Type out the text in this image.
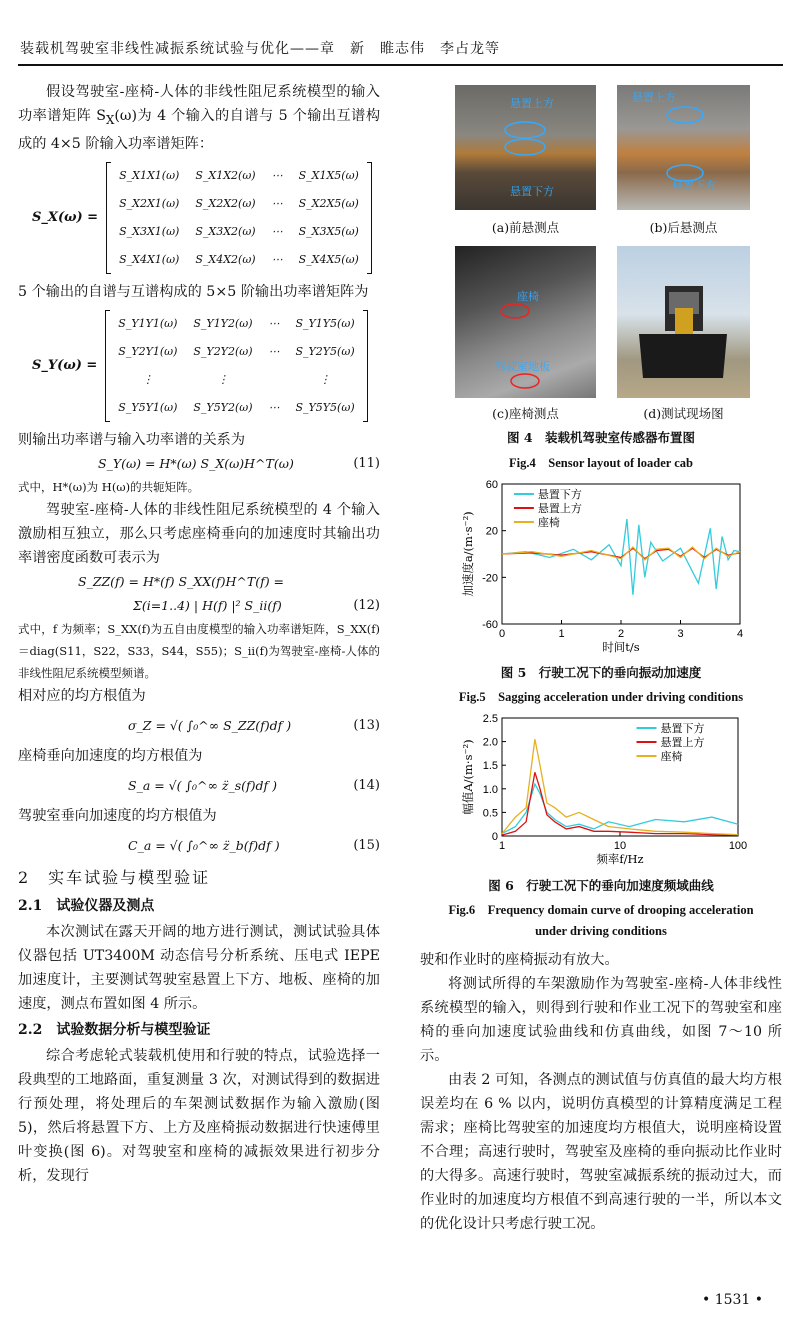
装载机驾驶室非线性减振系统试验与优化——章　新　睢志伟　李占龙等

假设驾驶室-座椅-人体的非线性阻尼系统模型的输入功率谱矩阵 $S_X(\omega)$为 4 个输入的自谱与 5 个输出互谱构成的 4×5 阶输入功率谱矩阵：

S_X(ω) =
S_X1X1(ω)	S_X1X2(ω)	⋯	S_X1X5(ω)
S_X2X1(ω)	S_X2X2(ω)	⋯	S_X2X5(ω)
S_X3X1(ω)	S_X3X2(ω)	⋯	S_X3X5(ω)
S_X4X1(ω)	S_X4X2(ω)	⋯	S_X4X5(ω)

5 个输出的自谱与互谱构成的 5×5 阶输出功率谱矩阵为

S_Y(ω) =
S_Y1Y1(ω)	S_Y1Y2(ω)	⋯	S_Y1Y5(ω)
S_Y2Y1(ω)	S_Y2Y2(ω)	⋯	S_Y2Y5(ω)
⋮	⋮		⋮
S_Y5Y1(ω)	S_Y5Y2(ω)	⋯	S_Y5Y5(ω)

则输出功率谱与输入功率谱的关系为

S_Y(ω) = H*(ω) S_X(ω)H^T(ω)	(11)

式中，H*(ω)为 H(ω)的共轭矩阵。

驾驶室-座椅-人体的非线性阻尼系统模型的 4 个输入激励相互独立，那么只考虑座椅垂向的加速度时其输出功率谱密度函数可表示为

S_ZZ(f) = H*(f) S_XX(f)H^T(f) =
Σ(i=1..4) | H(f) |² S_ii(f)	(12)

式中，f 为频率；S_XX(f)为五自由度模型的输入功率谱矩阵，S_XX(f)＝diag(S11，S22，S33，S44，S55)；S_ii(f)为驾驶室-座椅-人体的非线性阻尼系统模型频谱。

相对应的均方根值为

σ_Z = √( ∫₀^∞ S_ZZ(f)df )	(13)

座椅垂向加速度的均方根值为

S_a = √( ∫₀^∞ z̈_s(f)df )	(14)

驾驶室垂向加速度的均方根值为

C_a = √( ∫₀^∞ z̈_b(f)df )	(15)
2　实车试验与模型验证
2.1　试验仪器及测点

本次测试在露天开阔的地方进行测试，测试试验具体仪器包括 UT3400M 动态信号分析系统、压电式 IEPE 加速度计，主要测试驾驶室悬置上下方、地板、座椅的加速度，测点布置如图 4 所示。

2.2　试验数据分析与模型验证

综合考虑轮式装载机使用和行驶的特点，试验选择一段典型的工地路面，重复测量 3 次，对测试得到的数据进行预处理，将处理后的车架测试数据作为输入激励(图 5)，然后将悬置下方、上方及座椅振动数据进行快速傅里叶变换(图 6)。对驾驶室和座椅的减振效果进行初步分析，发现行

悬置上方
悬置下方
悬置上方
悬置下方
(a)前悬测点	(b)后悬测点
座椅
驾驶室地板
(c)座椅测点	(d)测试现场图
图 4　装载机驾驶室传感器布置图
Fig.4　Sensor layout of loader cab
0	1	2	3	4
60
20
-20
-60
时间t/s
加速度a/(m·s⁻²)
悬置下方
悬置上方
座椅
图 5　行驶工况下的垂向振动加速度
Fig.5　Sagging acceleration under driving conditions
1	10	100
2.5
2.0
1.5
1.0
0.5
0
频率f/Hz
幅值A/(m·s⁻²)
悬置下方
悬置上方
座椅
图 6　行驶工况下的垂向加速度频域曲线
Fig.6　Frequency domain curve of drooping acceleration
under driving conditions

驶和作业时的座椅振动有放大。

将测试所得的车架激励作为驾驶室-座椅-人体非线性系统模型的输入，则得到行驶和作业工况下的驾驶室和座椅的垂向加速度试验曲线和仿真曲线，如图 7～10 所示。

由表 2 可知，各测点的测试值与仿真值的最大均方根误差均在 6 % 以内，说明仿真模型的计算精度满足工程需求；座椅比驾驶室的加速度均方根值大，说明座椅设置不合理；高速行驶时，驾驶室及座椅的垂向振动比作业时的大得多。高速行驶时，驾驶室减振系统的振动过大，而作业时的加速度均方根值不到高速行驶的一半，所以本文的优化设计只考虑行驶工况。

• 1531 •
